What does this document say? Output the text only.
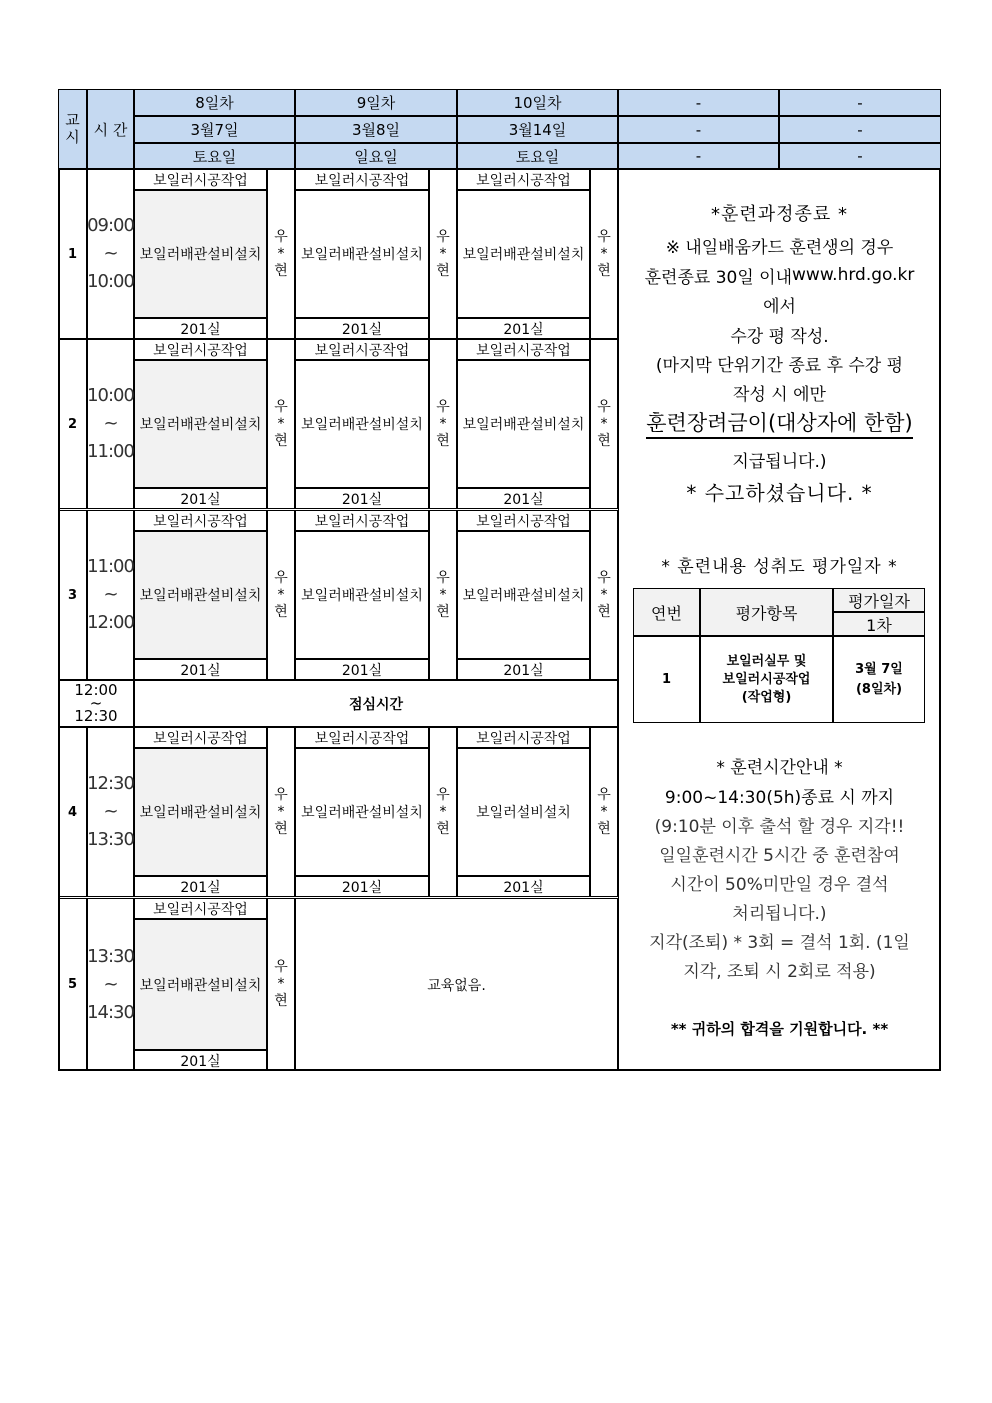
교
시 시 간
8일차
3월7일
토요일
9일차
3월8일
일요일
10일차
3월14일
토요일
-
-
-
-
-
-
1
09:00
~
10:00
보일러시공작업
보일러배관설비설치
201실
우
*
현
보일러시공작업
보일러배관설비설치
201실
우
*
현
보일러시공작업
보일러배관설비설치
201실
우
*
현
2
10:00
~
11:00
보일러시공작업
보일러배관설비설치
201실
우
*
현
보일러시공작업
보일러배관설비설치
201실
우
*
현
보일러시공작업
보일러배관설비설치
201실
우
*
현
3
11:00
~
12:00
보일러시공작업
보일러배관설비설치
201실
우
*
현
보일러시공작업
보일러배관설비설치
201실
우
*
현
보일러시공작업
보일러배관설비설치
201실
우
*
현
4
12:30
~
13:30
보일러시공작업
보일러배관설비설치
201실
우
*
현
보일러시공작업
보일러배관설비설치
201실
우
*
현
보일러시공작업
보일러설비설치
201실
우
*
현
5
13:30
~
14:30
보일러시공작업
보일러배관설비설치
201실
우
*
현
교육없음.
12:00
~
12:30
점심시간
*훈련과정종료 *
※ 내일배움카드 훈련생의 경우
훈련종료 30일 이내 www.hrd.go.kr
에서
수강 평 작성.
(마지막 단위기간 종료 후 수강 평
작성 시 에만
훈련장려금이(대상자에 한함)
지급됩니다.)
* 수고하셨습니다. *
* 훈련내용 성취도 평가일자 *
연번	평가항목
평가일자
1차
1
보일러실무 및
보일러시공작업
(작업형)
3월 7일
(8일차)
* 훈련시간안내 *
9:00~14:30(5h)종료 시 까지
(9:10분 이후 출석 할 경우 지각!!
일일훈련시간 5시간 중 훈련참여
시간이 50%미만일 경우 결석
처리됩니다.)
지각(조퇴) * 3회 = 결석 1회. (1일
지각, 조퇴 시 2회로 적용)
** 귀하의 합격을 기원합니다. **
